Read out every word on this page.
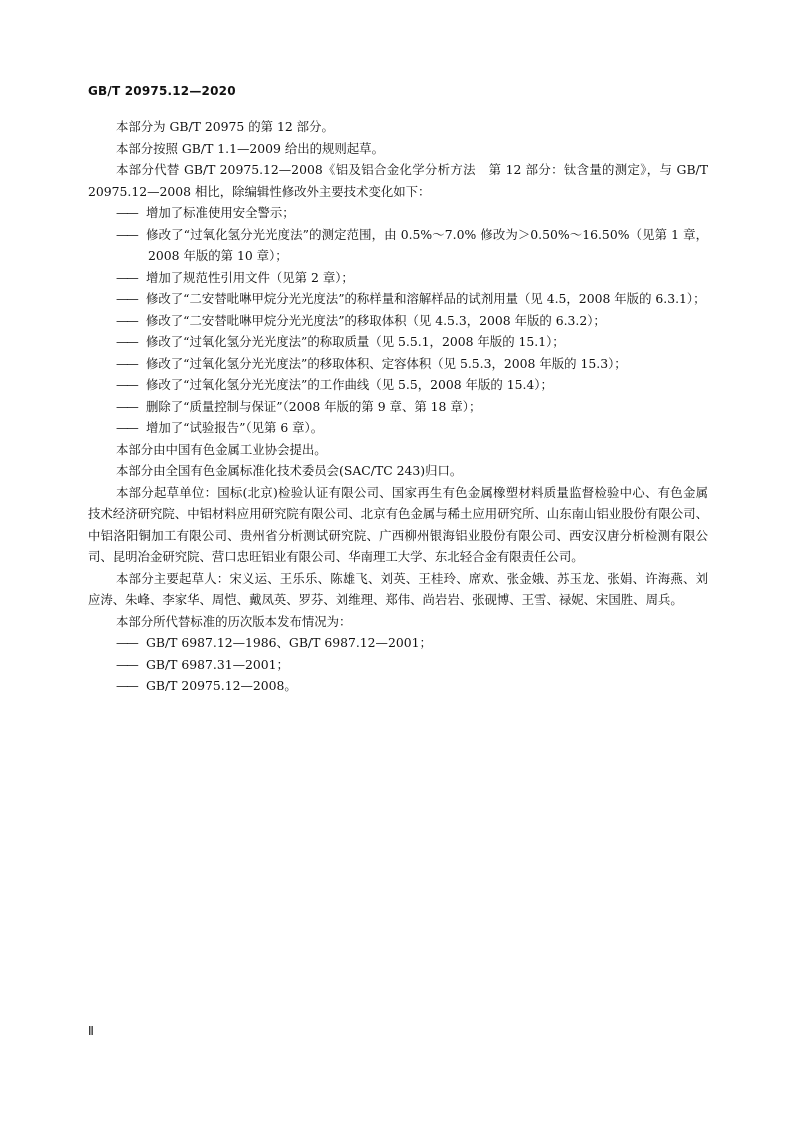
GB/T 20975.12—2020

本部分为 GB/T 20975 的第 12 部分。

本部分按照 GB/T 1.1—2009 给出的规则起草。

本部分代替 GB/T 20975.12—2008《铝及铝合金化学分析方法　第 12 部分：钛含量的测定》，与 GB/T 20975.12—2008 相比，除编辑性修改外主要技术变化如下：

—— 增加了标准使用安全警示；

—— 修改了“过氧化氢分光光度法”的测定范围，由 0.5%～7.0% 修改为＞0.50%～16.50%（见第 1 章，2008 年版的第 10 章）；

—— 增加了规范性引用文件（见第 2 章）；

—— 修改了“二安替吡啉甲烷分光光度法”的称样量和溶解样品的试剂用量（见 4.5，2008 年版的 6.3.1）；

—— 修改了“二安替吡啉甲烷分光光度法”的移取体积（见 4.5.3，2008 年版的 6.3.2）；

—— 修改了“过氧化氢分光光度法”的称取质量（见 5.5.1，2008 年版的 15.1）；

—— 修改了“过氧化氢分光光度法”的移取体积、定容体积（见 5.5.3，2008 年版的 15.3）；

—— 修改了“过氧化氢分光光度法”的工作曲线（见 5.5，2008 年版的 15.4）；

—— 删除了“质量控制与保证”（2008 年版的第 9 章、第 18 章）；

—— 增加了“试验报告”（见第 6 章）。

本部分由中国有色金属工业协会提出。

本部分由全国有色金属标准化技术委员会(SAC/TC 243)归口。

本部分起草单位：国标(北京)检验认证有限公司、国家再生有色金属橡塑材料质量监督检验中心、有色金属技术经济研究院、中铝材料应用研究院有限公司、北京有色金属与稀土应用研究所、山东南山铝业股份有限公司、中铝洛阳铜加工有限公司、贵州省分析测试研究院、广西柳州银海铝业股份有限公司、西安汉唐分析检测有限公司、昆明冶金研究院、营口忠旺铝业有限公司、华南理工大学、东北轻合金有限责任公司。

本部分主要起草人：宋义运、王乐乐、陈雄飞、刘英、王桂玲、席欢、张金娥、苏玉龙、张娟、许海燕、刘应涛、朱峰、李家华、周恺、戴凤英、罗芬、刘维理、郑伟、尚岩岩、张砚博、王雪、禄妮、宋国胜、周兵。

本部分所代替标准的历次版本发布情况为：

—— GB/T 6987.12—1986、GB/T 6987.12—2001；

—— GB/T 6987.31—2001；

—— GB/T 20975.12—2008。

Ⅱ
